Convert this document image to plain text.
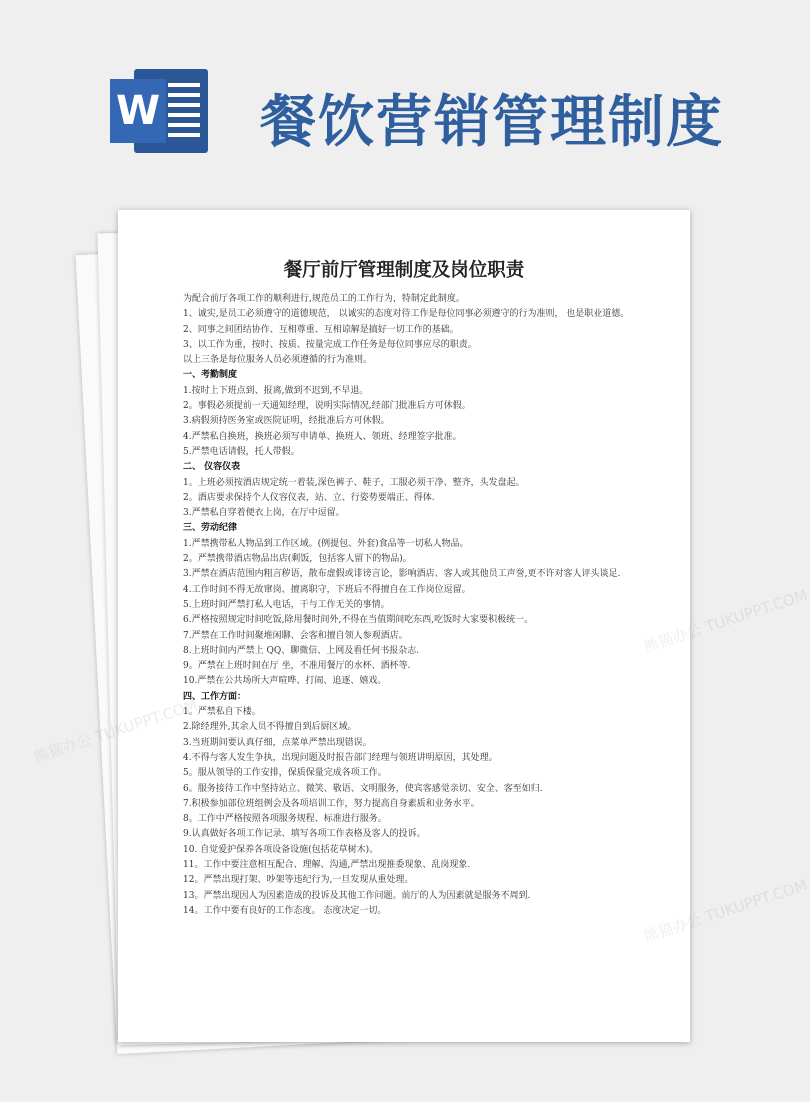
W 餐饮营销管理制度
餐厅前厅管理制度及岗位职责
为配合前厅各项工作的顺利进行,规范员工的工作行为，特制定此制度。
1、诚实,是员工必须遵守的道德规范， 以诚实的态度对待工作是每位同事必须遵守的行为准则， 也是职业道德。
2、同事之间团结协作、互相尊重、互相谅解是搞好一切工作的基础。
3、以工作为重，按时、按质、按量完成工作任务是每位同事应尽的职责。
以上三条是每位服务人员必须遵循的行为准则。
一、考勤制度
1.按时上下班点到、报离,做到不迟到,不早退。
2。事假必须提前一天通知经理，说明实际情况,经部门批准后方可休假。
3.病假须持医务室或医院证明，经批准后方可休假。
4.严禁私自换班，换班必须写申请单、换班人、领班、经理签字批准。
5.严禁电话请假，托人带假。
二、 仪容仪表
1。上班必须按酒店规定统一着装,深色裤子、鞋子，工服必须干净、整齐，头发盘起。
2。酒店要求保持个人仪容仪表，站、立、行姿势要端正、得体.
3.严禁私自穿着便衣上岗，在厅中逗留。
三、劳动纪律
1.严禁携带私人物品到工作区域。(例提包、外套)食品等一切私人物品。
2。严禁携带酒店物品出店(剩饭，包括客人留下的物品)。
3.严禁在酒店范围内粗言秽语，散布虚假或诽谤言论，影响酒店、客人或其他员工声誉,更不许对客人评头谈足.
4.工作时间不得无故窜岗、擅离职守，下班后不得擅自在工作岗位逗留。
5.上班时间严禁打私人电话，干与工作无关的事情。
6.严格按照规定时间吃饭,除用餐时间外,不得在当值期间吃东西,吃饭时大家要积极统一。
7.严禁在工作时间聚堆闲聊、会客和擅自领人参观酒店。
8.上班时间内严禁上 QQ、聊微信、上网及看任何书报杂志.
9。严禁在上班时间在厅 坐，不准用餐厅的水杯、酒杯等.
10.严禁在公共场所大声喧哗、打闹、追逐、嬉戏。
四、工作方面：
1。严禁私自下楼。
2.除经理外,其余人员不得擅自到后厨区域。
3.当班期间要认真仔细，点菜单严禁出现错误。
4.不得与客人发生争执，出现问题及时报告部门经理与领班讲明原因，其处理。
5。服从领导的工作安排，保质保量完成各项工作。
6。服务接待工作中坚持站立、微笑、敬语、文明服务，使宾客感觉亲切、安全、客至如归.
7.积极参加部位班组例会及各项培训工作，努力提高自身素质和业务水平。
8。工作中严格按照各项服务规程、标准进行服务。
9.认真做好各项工作记录、填写各项工作表格及客人的投诉。
10. 自觉爱护保养各项设备设施(包括花草树木)。
11。工作中要注意相互配合、理解、沟通,严禁出现推委现象、乱岗现象.
12。严禁出现打架、吵架等违纪行为,一旦发现从重处理。
13。严禁出现因人为因素造成的投诉及其他工作问题。前厅的人为因素就是服务不周到.
14。工作中要有良好的工作态度。 态度决定一切。
熊猫办公
熊猫办公 TUKUPPT.COM
熊猫办公 TUKUPPT.COM
